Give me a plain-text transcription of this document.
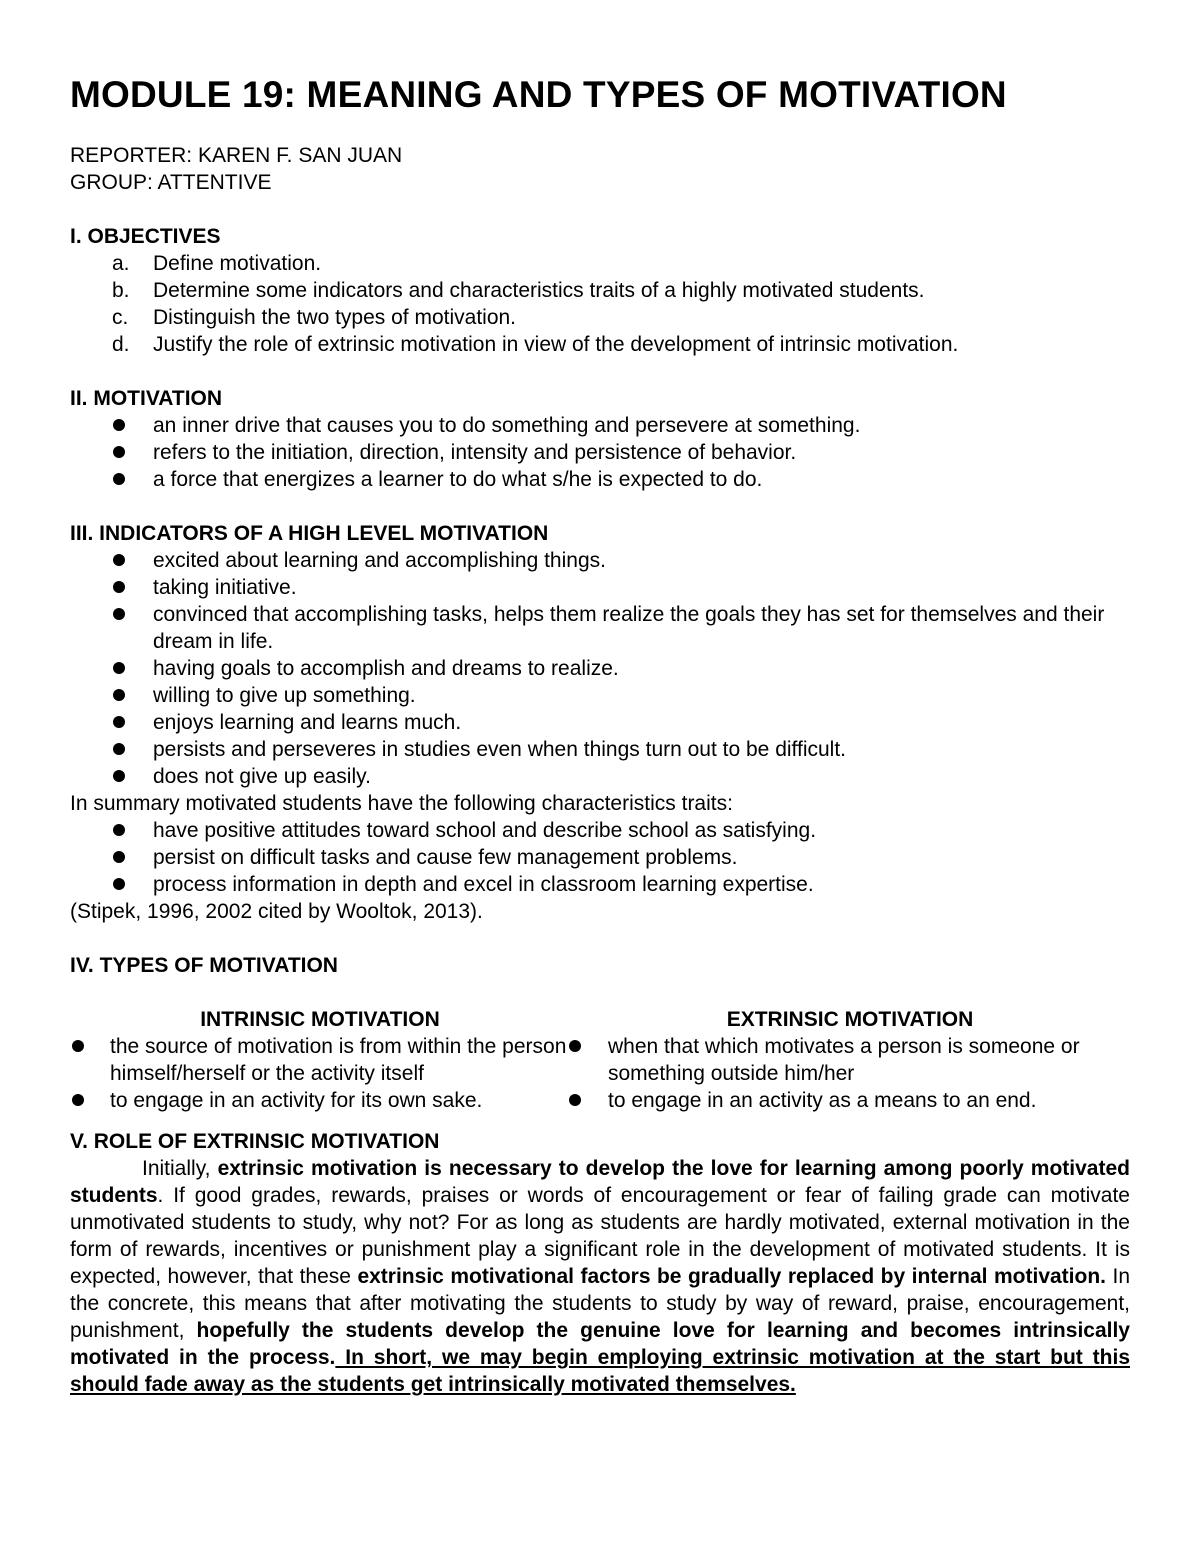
MODULE 19: MEANING AND TYPES OF MOTIVATION

REPORTER: KAREN F. SAN JUAN

GROUP: ATTENTIVE

I. OBJECTIVES

a. Define motivation.
b. Determine some indicators and characteristics traits of a highly motivated students.
c. Distinguish the two types of motivation.
d. Justify the role of extrinsic motivation in view of the development of intrinsic motivation.

II. MOTIVATION

an inner drive that causes you to do something and persevere at something.
refers to the initiation, direction, intensity and persistence of behavior.
a force that energizes a learner to do what s/he is expected to do.

III. INDICATORS OF A HIGH LEVEL MOTIVATION

excited about learning and accomplishing things.
taking initiative.
convinced that accomplishing tasks, helps them realize the goals they has set for themselves and their dream in life.
having goals to accomplish and dreams to realize.
willing to give up something.
enjoys learning and learns much.
persists and perseveres in studies even when things turn out to be difficult.
does not give up easily.

In summary motivated students have the following characteristics traits:

have positive attitudes toward school and describe school as satisfying.
persist on difficult tasks and cause few management problems.
process information in depth and excel in classroom learning expertise.

(Stipek, 1996, 2002 cited by Wooltok, 2013).

IV. TYPES OF MOTIVATION

INTRINSIC MOTIVATION

the source of motivation is from within the person himself/herself or the activity itself
to engage in an activity for its own sake.

EXTRINSIC MOTIVATION

when that which motivates a person is someone or something outside him/her
to engage in an activity as a means to an end.

V. ROLE OF EXTRINSIC MOTIVATION

Initially, extrinsic motivation is necessary to develop the love for learning among poorly motivated students. If good grades, rewards, praises or words of encouragement or fear of failing grade can motivate unmotivated students to study, why not? For as long as students are hardly motivated, external motivation in the form of rewards, incentives or punishment play a significant role in the development of motivated students. It is expected, however, that these extrinsic motivational factors be gradually replaced by internal motivation. In the concrete, this means that after motivating the students to study by way of reward, praise, encouragement, punishment, hopefully the students develop the genuine love for learning and becomes intrinsically motivated in the process. In short, we may begin employing extrinsic motivation at the start but this should fade away as the students get intrinsically motivated themselves.
